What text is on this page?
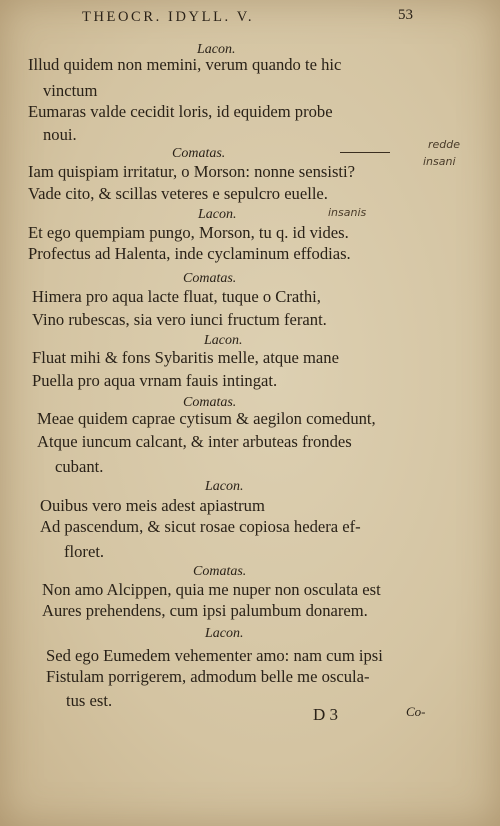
THEOCR. IDYLL. V.	53
Lacon.
Illud quidem non memini, verum quando te hic
vinctum
Eumaras valde cecidit loris, id equidem probe
noui.
Comatas.
Iam quispiam irritatur, o Morson: nonne sensisti?
Vade cito, & scillas veteres e sepulcro euelle.
Lacon.
Et ego quempiam pungo, Morson, tu q. id vides.
Profectus ad Halenta, inde cyclaminum effodias.
Comatas.
Himera pro aqua lacte fluat, tuque o Crathi,
Vino rubescas, sia vero iunci fructum ferant.
Lacon.
Fluat mihi & fons Sybaritis melle, atque mane
Puella pro aqua vrnam fauis intingat.
Comatas.
Meae quidem caprae cytisum & aegilon comedunt,
Atque iuncum calcant, & inter arbuteas frondes
cubant.
Lacon.
Ouibus vero meis adest apiastrum
Ad pascendum, & sicut rosae copiosa hedera ef-
floret.
Comatas.
Non amo Alcippen, quia me nuper non osculata est
Aures prehendens, cum ipsi palumbum donarem.
Lacon.
Sed ego Eumedem vehementer amo: nam cum ipsi
Fistulam porrigerem, admodum belle me oscula-
tus est.
redde
insani
insanis
D 3	Co-
